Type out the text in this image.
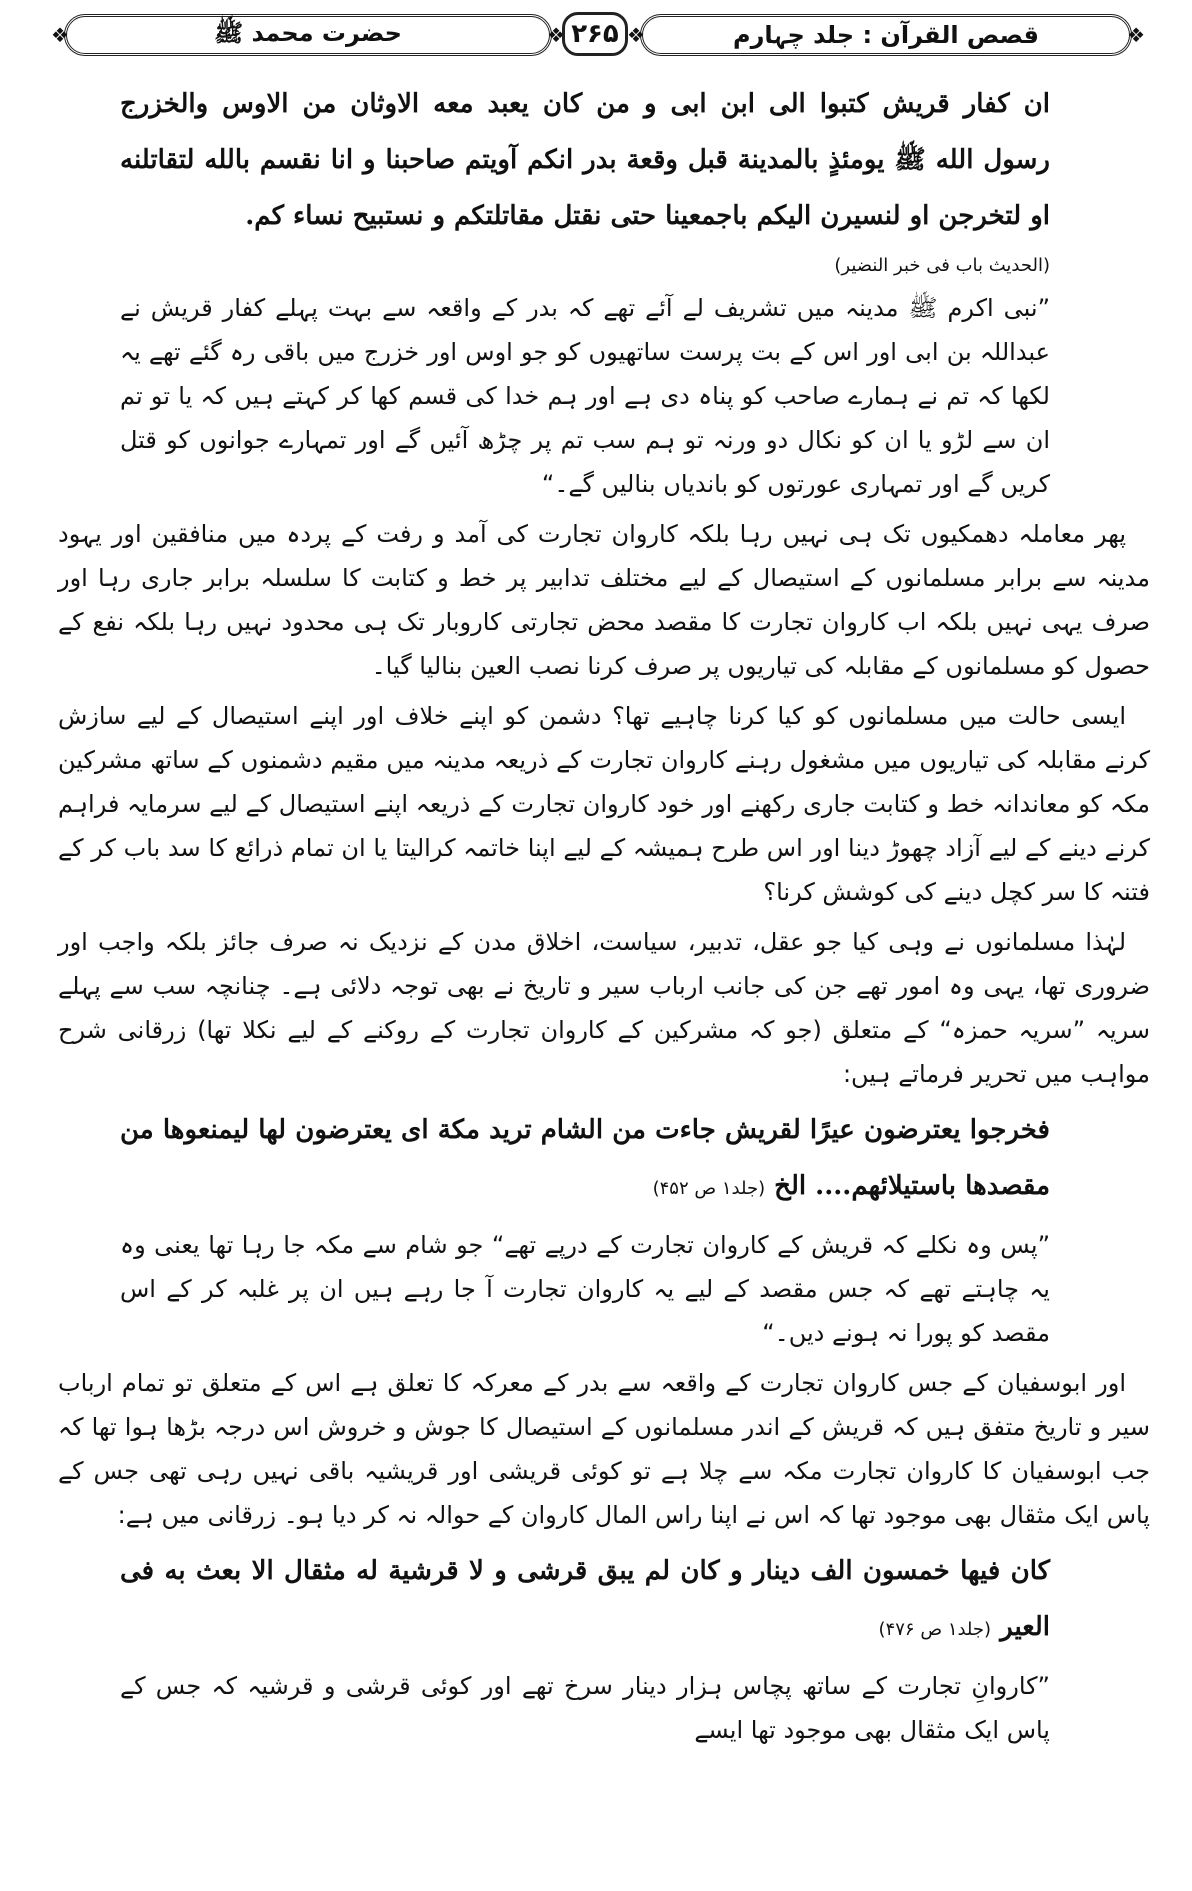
❖	حضرت محمد ﷺ	❖ ۲۶۵ ❖	قصص القرآن : جلد چہارم	❖

ان کفار قریش کتبوا الی ابن ابی و من کان یعبد معه الاوثان من الاوس والخزرج رسول الله ﷺ یومئذٍ بالمدینة قبل وقعة بدر انکم آویتم صاحبنا و انا نقسم بالله لتقاتلنه او لتخرجن او لنسیرن الیکم باجمعینا حتی نقتل مقاتلتکم و نستبیح نساء کم.

(الحدیث باب فی خبر النضیر)

”نبی اکرم ﷺ مدینہ میں تشریف لے آئے تھے کہ بدر کے واقعہ سے بہت پہلے کفار قریش نے عبداللہ بن ابی اور اس کے بت پرست ساتھیوں کو جو اوس اور خزرج میں باقی رہ گئے تھے یہ لکھا کہ تم نے ہمارے صاحب کو پناہ دی ہے اور ہم خدا کی قسم کھا کر کہتے ہیں کہ یا تو تم ان سے لڑو یا ان کو نکال دو ورنہ تو ہم سب تم پر چڑھ آئیں گے اور تمہارے جوانوں کو قتل کریں گے اور تمہاری عورتوں کو باندیاں بنالیں گے۔“

پھر معاملہ دھمکیوں تک ہی نہیں رہا بلکہ کاروان تجارت کی آمد و رفت کے پردہ میں منافقین اور یہود مدینہ سے برابر مسلمانوں کے استیصال کے لیے مختلف تدابیر پر خط و کتابت کا سلسلہ برابر جاری رہا اور صرف یہی نہیں بلکہ اب کاروان تجارت کا مقصد محض تجارتی کاروبار تک ہی محدود نہیں رہا بلکہ نفع کے حصول کو مسلمانوں کے مقابلہ کی تیاریوں پر صرف کرنا نصب العین بنالیا گیا۔

ایسی حالت میں مسلمانوں کو کیا کرنا چاہیے تھا؟ دشمن کو اپنے خلاف اور اپنے استیصال کے لیے سازش کرنے مقابلہ کی تیاریوں میں مشغول رہنے کاروان تجارت کے ذریعہ مدینہ میں مقیم دشمنوں کے ساتھ مشرکین مکہ کو معاندانہ خط و کتابت جاری رکھنے اور خود کاروان تجارت کے ذریعہ اپنے استیصال کے لیے سرمایہ فراہم کرنے دینے کے لیے آزاد چھوڑ دینا اور اس طرح ہمیشہ کے لیے اپنا خاتمہ کرالیتا یا ان تمام ذرائع کا سد باب کر کے فتنہ کا سر کچل دینے کی کوشش کرنا؟

لہٰذا مسلمانوں نے وہی کیا جو عقل، تدبیر، سیاست، اخلاق مدن کے نزدیک نہ صرف جائز بلکہ واجب اور ضروری تھا، یہی وہ امور تھے جن کی جانب ارباب سیر و تاریخ نے بھی توجہ دلائی ہے۔ چنانچہ سب سے پہلے سریہ ”سریہ حمزہ“ کے متعلق (جو کہ مشرکین کے کاروان تجارت کے روکنے کے لیے نکلا تھا) زرقانی شرح مواہب میں تحریر فرماتے ہیں:

فخرجوا یعترضون عیرًا لقریش جاءت من الشام ترید مکة ای یعترضون لها لیمنعوها من مقصدها باستیلائهم.... الخ (جلد۱ ص ۴۵۲)

”پس وہ نکلے کہ قریش کے کاروان تجارت کے درپے تھے“ جو شام سے مکہ جا رہا تھا یعنی وہ یہ چاہتے تھے کہ جس مقصد کے لیے یہ کاروان تجارت آ جا رہے ہیں ان پر غلبہ کر کے اس مقصد کو پورا نہ ہونے دیں۔“

اور ابوسفیان کے جس کاروان تجارت کے واقعہ سے بدر کے معرکہ کا تعلق ہے اس کے متعلق تو تمام ارباب سیر و تاریخ متفق ہیں کہ قریش کے اندر مسلمانوں کے استیصال کا جوش و خروش اس درجہ بڑھا ہوا تھا کہ جب ابوسفیان کا کاروان تجارت مکہ سے چلا ہے تو کوئی قریشی اور قریشیہ باقی نہیں رہی تھی جس کے پاس ایک مثقال بھی موجود تھا کہ اس نے اپنا راس المال کاروان کے حوالہ نہ کر دیا ہو۔ زرقانی میں ہے:

کان فیها خمسون الف دینار و کان لم یبق قرشی و لا قرشیة له مثقال الا بعث به فی العیر (جلد۱ ص ۴۷۶)

”کاروانِ تجارت کے ساتھ پچاس ہزار دینار سرخ تھے اور کوئی قرشی و قرشیہ کہ جس کے پاس ایک مثقال بھی موجود تھا ایسے
